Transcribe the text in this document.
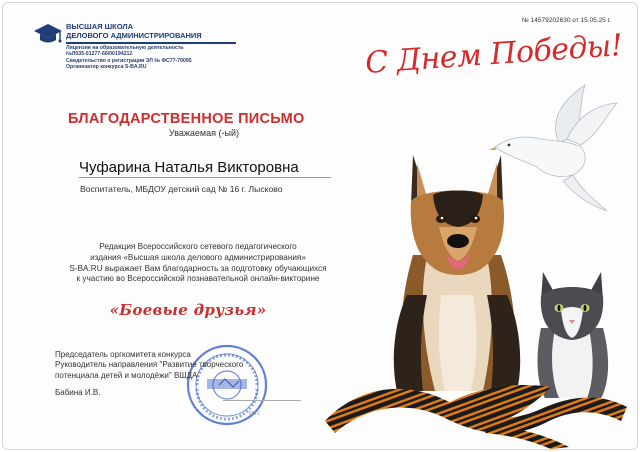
ВЫСШАЯ ШКОЛА
ДЕЛОВОГО АДМИНИСТРИРОВАНИЯ
Лицензия на образовательную деятельность
№Л035-01277-66/00194212
Свидетельство о регистрации ЭЛ № ФС77-70095
Организатор конкурса S-BA.RU
№ 14579202630 от 15.05.25 г.
С Днем Победы!
БЛАГОДАРСТВЕННОЕ ПИСЬМО
Уважаемая (-ый)
Чуфарина Наталья Викторовна
Воспитатель, МБДОУ детский сад № 16 г. Лысково
Редакция Всероссийского сетевого педагогического
издания «Высшая школа делового администрирования»
S-BA.RU выражает Вам благодарность за подготовку обучающихся
к участию во Всероссийской познавательной онлайн-викторине
«Боевые друзья»
Председатель оргкомитета конкурса
Руководитель направления "Развитие творческого
потенциала детей и молодёжи" ВШДА
Бабина И.В.
М.П.
